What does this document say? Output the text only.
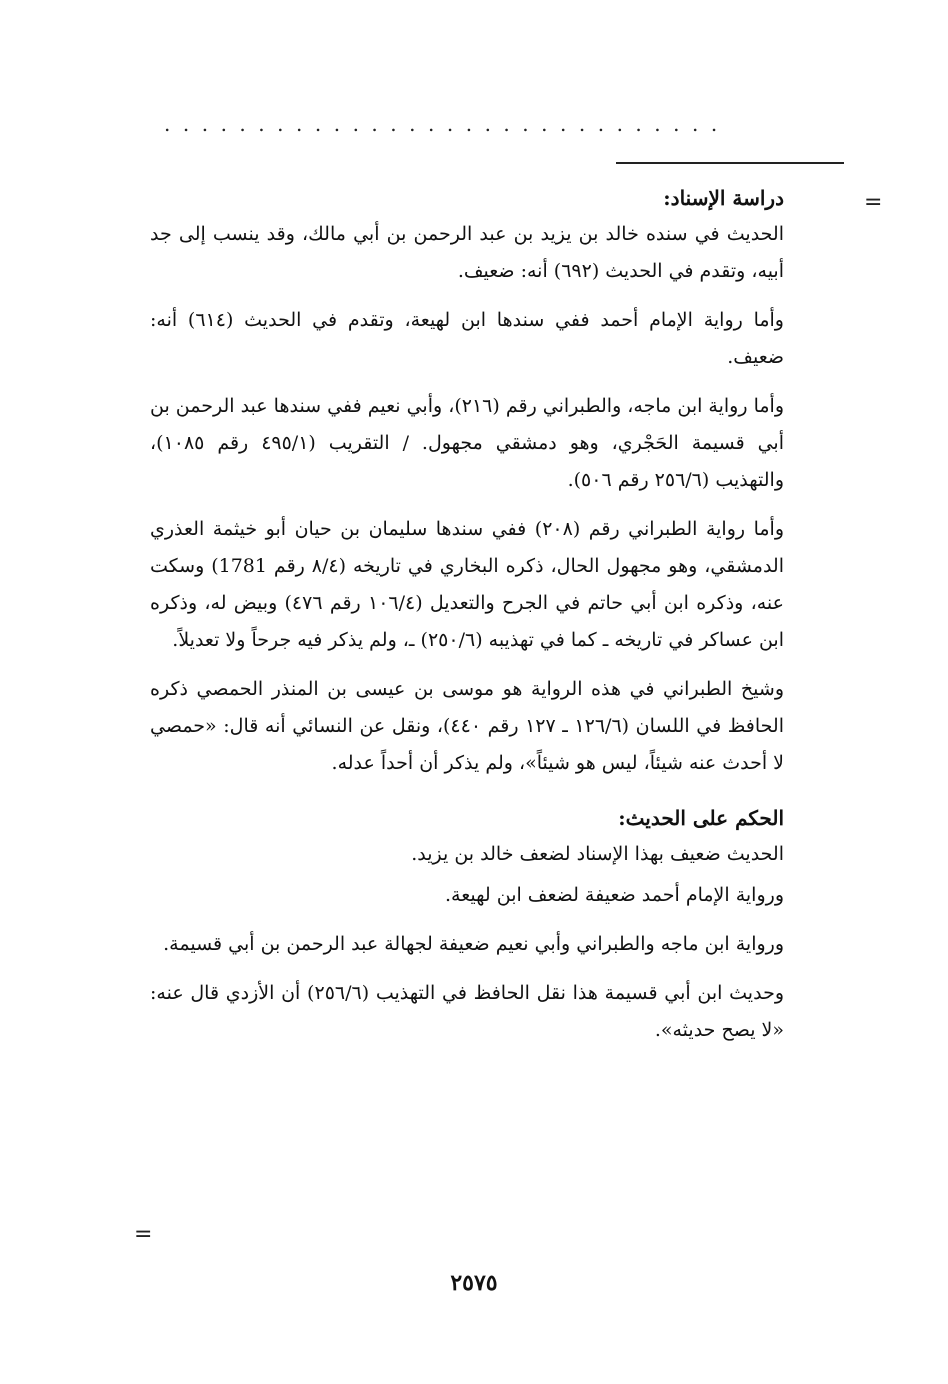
..............................
=
=
دراسة الإسناد:

الحديث في سنده خالد بن يزيد بن عبد الرحمن بن أبي مالك، وقد ينسب إلى جد أبيه، وتقدم في الحديث (٦٩٢) أنه: ضعيف.

وأما رواية الإمام أحمد ففي سندها ابن لهيعة، وتقدم في الحديث (٦١٤) أنه: ضعيف.

وأما رواية ابن ماجه، والطبراني رقم (٢١٦)، وأبي نعيم ففي سندها عبد الرحمن بن أبي قسيمة الحَجْري، وهو دمشقي مجهول. / التقريب (٤٩٥/١ رقم ١٠٨٥)، والتهذيب (٢٥٦/٦ رقم ٥٠٦).

وأما رواية الطبراني رقم (٢٠٨) ففي سندها سليمان بن حيان أبو خيثمة العذري الدمشقي، وهو مجهول الحال، ذكره البخاري في تاريخه (٨/٤ رقم 1781) وسكت عنه، وذكره ابن أبي حاتم في الجرح والتعديل (١٠٦/٤ رقم ٤٧٦) وبيض له، وذكره ابن عساكر في تاريخه ـ كما في تهذيبه (٢٥٠/٦) ـ، ولم يذكر فيه جرحاً ولا تعديلاً.

وشيخ الطبراني في هذه الرواية هو موسى بن عيسى بن المنذر الحمصي ذكره الحافظ في اللسان (١٢٦/٦ ـ ١٢٧ رقم ٤٤٠)، ونقل عن النسائي أنه قال: «حمصي لا أحدث عنه شيئاً، ليس هو شيئاً»، ولم يذكر أن أحداً عدله.

الحكم على الحديث:

الحديث ضعيف بهذا الإسناد لضعف خالد بن يزيد.

ورواية الإمام أحمد ضعيفة لضعف ابن لهيعة.

ورواية ابن ماجه والطبراني وأبي نعيم ضعيفة لجهالة عبد الرحمن بن أبي قسيمة.

وحديث ابن أبي قسيمة هذا نقل الحافظ في التهذيب (٢٥٦/٦) أن الأزدي قال عنه: «لا يصح حديثه».

٢٥٧٥
